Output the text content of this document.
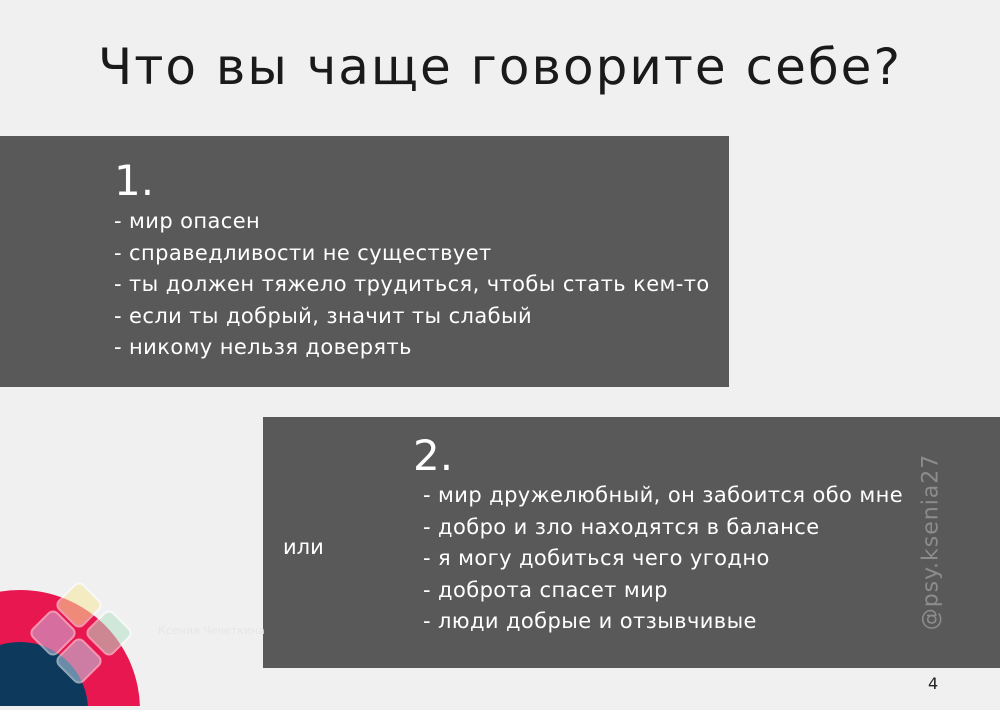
Что вы чаще говорите себе?
1.
- мир опасен
- справедливости не существует
- ты должен тяжело трудиться, чтобы стать кем-то
- если ты добрый, значит ты слабый
- никому нельзя доверять
или
2.
- мир дружелюбный, он забоится обо мне
- добро и зло находятся в балансе
- я могу добиться чего угодно
- доброта спасет мир
- люди добрые и отзывчивые	@psy.ksenia27
Ксения Чечеткина
4
